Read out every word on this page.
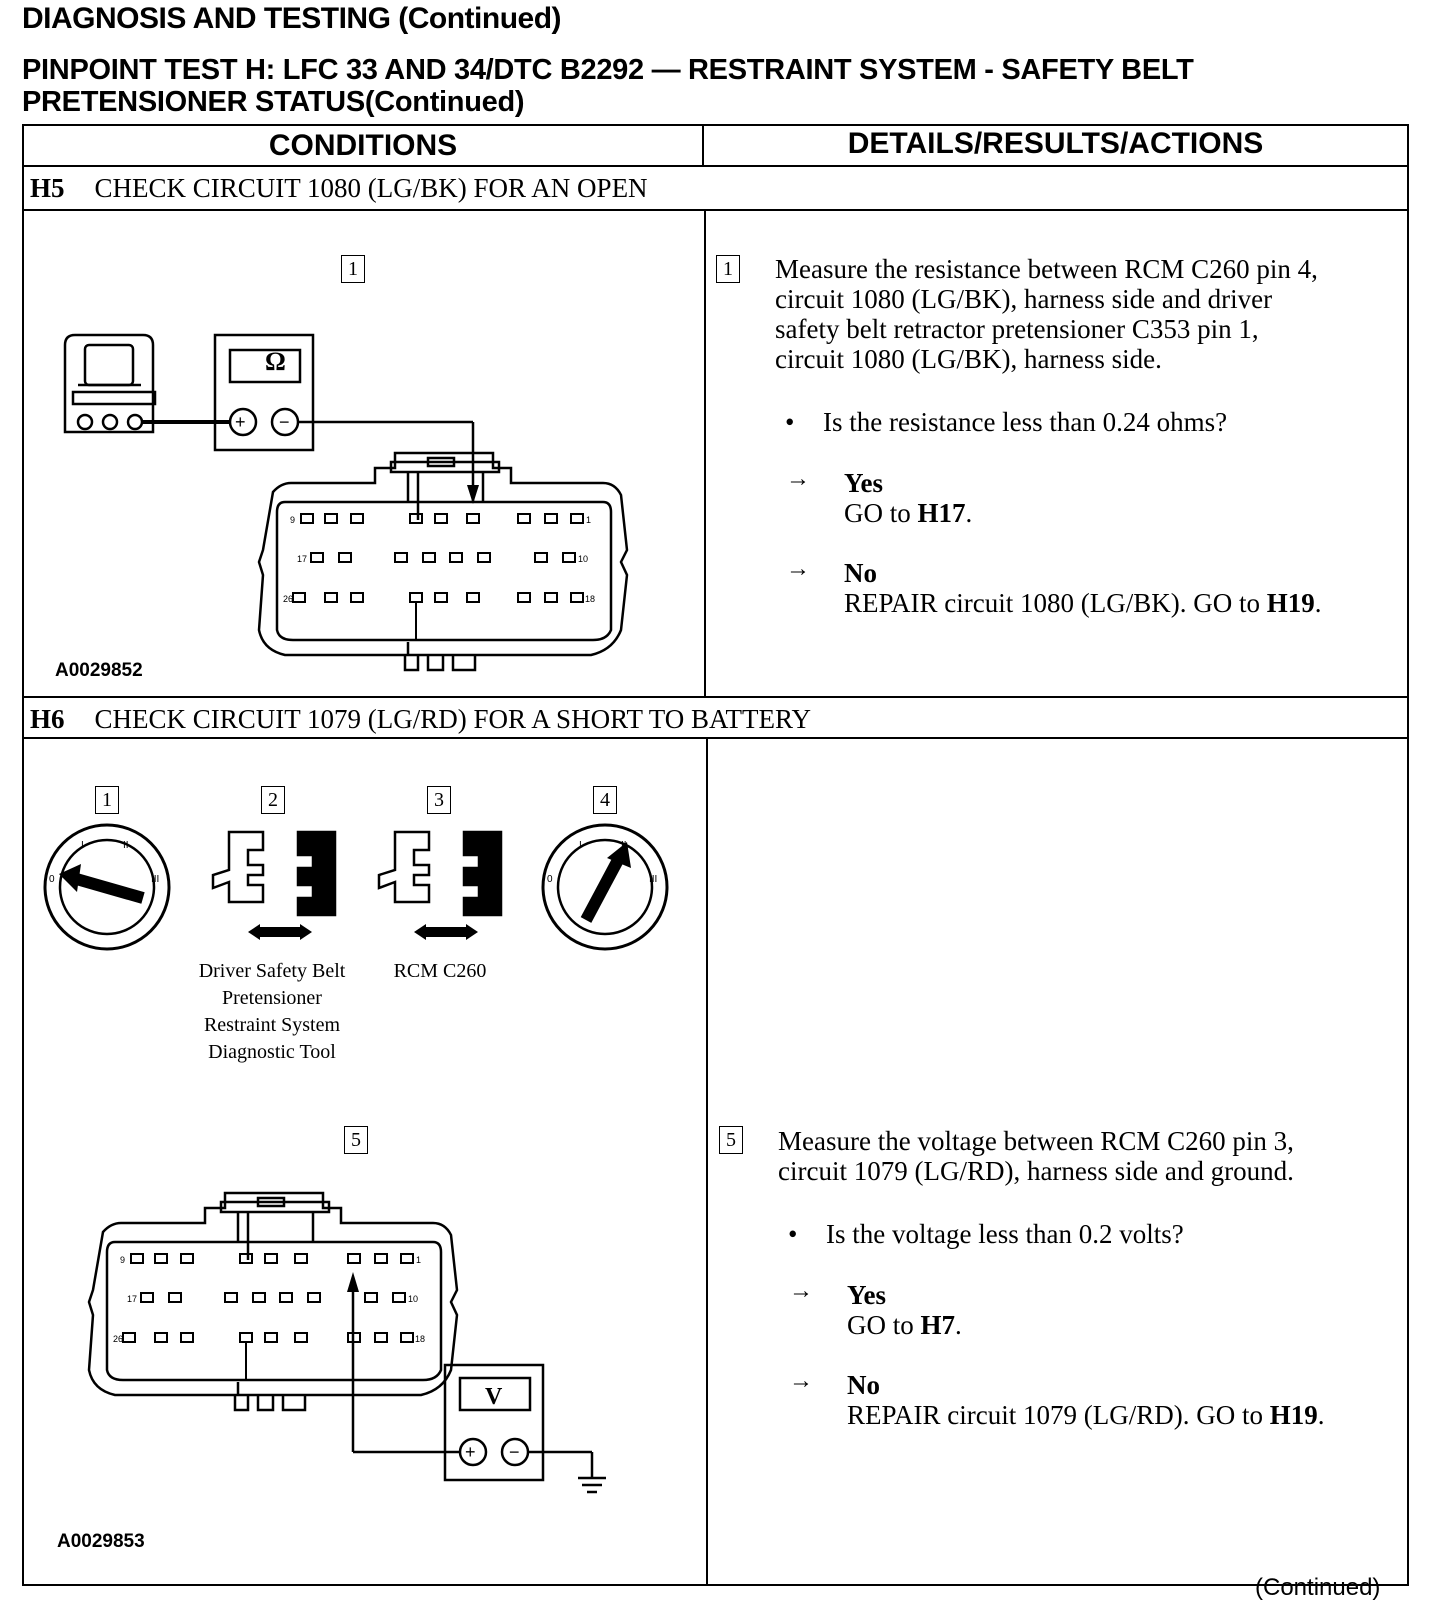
DIAGNOSIS AND TESTING (Continued)
PINPOINT TEST H: LFC 33 AND 34/DTC B2292 — RESTRAINT SYSTEM - SAFETY BELT
PRETENSIONER STATUS(Continued)
CONDITIONS	DETAILS/RESULTS/ACTIONS
H5 CHECK CIRCUIT 1080 (LG/BK) FOR AN OPEN
1
9	1
17	10
26	18
Ω
+ −
A0029852
1 Measure the resistance between RCM C260 pin 4,
circuit 1080 (LG/BK), harness side and driver
safety belt retractor pretensioner C353 pin 1,
circuit 1080 (LG/BK), harness side.
• Is the resistance less than 0.24 ohms?
→ Yes
GO to H17.
→ No
REPAIR circuit 1080 (LG/BK). GO to H19.
H6 CHECK CIRCUIT 1079 (LG/RD) FOR A SHORT TO BATTERY
1	2	3	4
5
0
I	II
III	0
I	II
III
Driver Safety Belt
Pretensioner
Restraint System
Diagnostic Tool
RCM C260
9	1
17	10
26	18
V
+ −
A0029853
5 Measure the voltage between RCM C260 pin 3,
circuit 1079 (LG/RD), harness side and ground.
• Is the voltage less than 0.2 volts?
→ Yes
GO to H7.
→ No
REPAIR circuit 1079 (LG/RD). GO to H19.
(Continued)
